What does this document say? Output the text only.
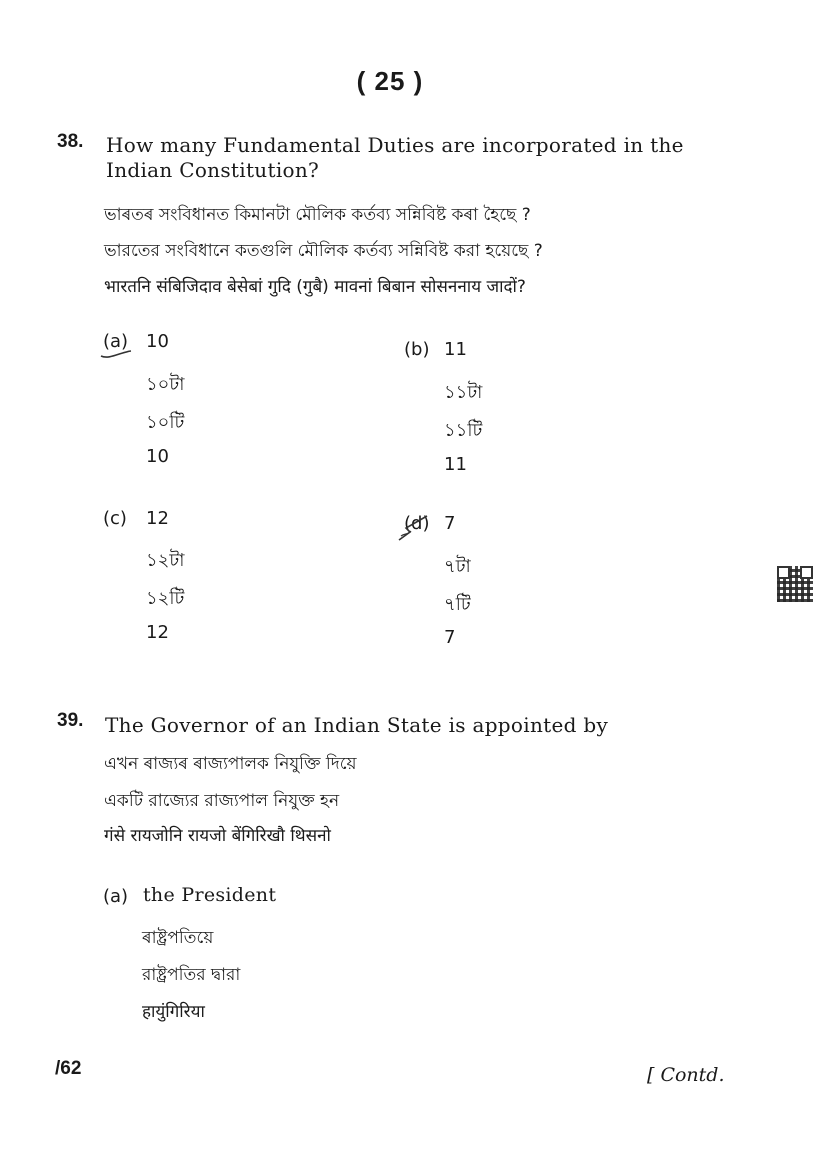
( 25 )
38. How many Fundamental Duties are incorporated in the
Indian Constitution?
ভাৰতৰ সংবিধানত কিমানটা মৌলিক কৰ্তব্য সন্নিবিষ্ট কৰা হৈছে ?
ভারতের সংবিধানে কতগুলি মৌলিক কর্তব্য সন্নিবিষ্ট করা হয়েছে ?
भारतनि संबिजिदाव बेसेबां गुदि (गुबै) मावनां बिबान सोसननाय जादों?
(a) 10
১০টা
১০টি
10
(b) 11
১১টা
১১টি
11
(c) 12
১২টা
১২টি
12
(d) 7
৭টা
৭টি
7
39. The Governor of an Indian State is appointed by
এখন ৰাজ্যৰ ৰাজ্যপালক নিযুক্তি দিয়ে
একটি রাজ্যের রাজ্যপাল নিযুক্ত হন
गंसे रायजोनि रायजो बेंगिरिखौ थिसनो
(a) the President
ৰাষ্ট্ৰপতিয়ে
রাষ্ট্রপতির দ্বারা
हायुंगिरिया
/62	[ Contd.
